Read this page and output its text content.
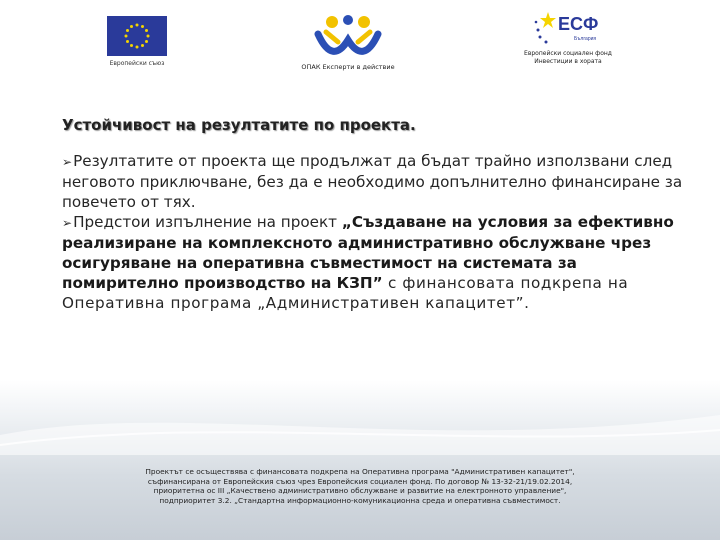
Европейски съюз	ОПАК Експерти в действие
ЕСФ
България
Европейски социален фонд
Инвестиции в хората
Устойчивост на резултатите по проекта.

➢Резултатите от проекта ще продължат да бъдат трайно използвани след неговото приключване, без да е необходимо допълнително финансиране за повечето от тях.

➢Предстои изпълнение на проект „Създаване на условия за ефективно реализиране на комплексното административно обслужване чрез осигуряване на оперативна съвместимост на системата за помирително производство на КЗП” с финансовата подкрепа на Оперативна програма „Административен капацитет”.

Проектът се осъществява с финансовата подкрепа на Оперативна програма "Административен капацитет",
съфинансирана от Европейския съюз чрез Европейския социален фонд. По договор № 13-32-21/19.02.2014,
приоритетна ос III „Качествено административно обслужване и развитие на електронното управление",
подприоритет 3.2. „Стандартна информационно-комуникационна среда и оперативна съвместимост.
